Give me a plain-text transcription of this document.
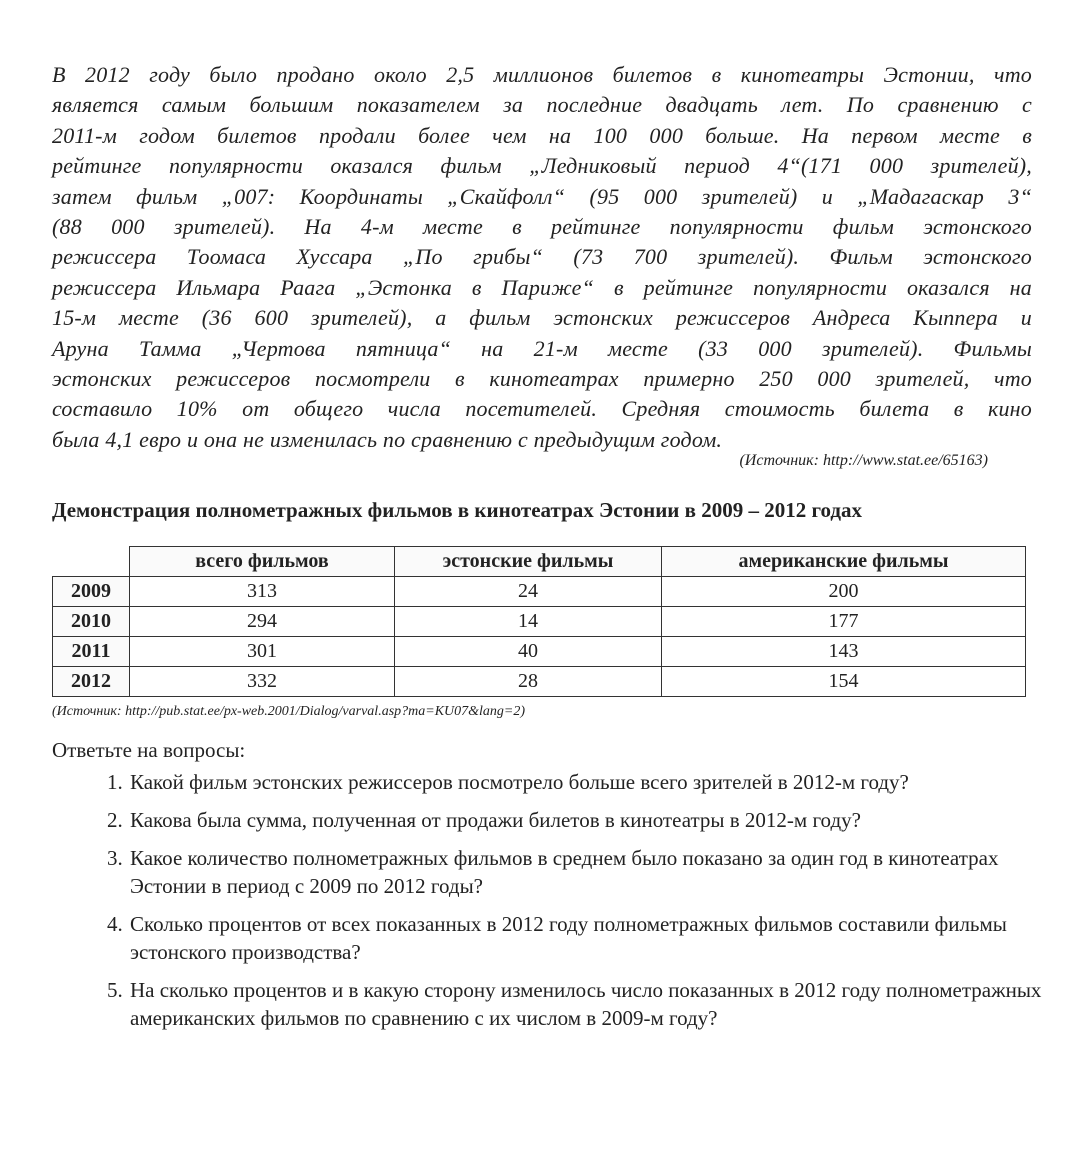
В 2012 году было продано около 2,5 миллионов билетов в кинотеатры Эстонии, что
является самым большим показателем за последние двадцать лет. По сравнению с
2011-м годом билетов продали более чем на 100 000 больше. На первом месте в
рейтинге популярности оказался фильм „Ледниковый период 4“(171 000 зрителей),
затем фильм „007: Координаты „Скайфолл“ (95 000 зрителей) и „Мадагаскар 3“
(88 000 зрителей). На 4-м месте в рейтинге популярности фильм эстонского
режиссера Тоомаса Хуссара „По грибы“ (73 700 зрителей). Фильм эстонского
режиссера Ильмара Раага „Эстонка в Париже“ в рейтинге популярности оказался на
15-м месте (36 600 зрителей), а фильм эстонских режиссеров Андреса Кыппера и
Аруна Тамма „Чертова пятница“ на 21-м месте (33 000 зрителей). Фильмы
эстонских режиссеров посмотрели в кинотеатрах примерно 250 000 зрителей, что
составило 10% от общего числа посетителей. Средняя стоимость билета в кино
была 4,1 евро и она не изменилась по сравнению с предыдущим годом.
(Источник: http://www.stat.ee/65163)
Демонстрация полнометражных фильмов в кинотеатрах Эстонии в 2009 – 2012 годах
	всего фильмов	эстонские фильмы	американские фильмы
2009	313	24	200
2010	294	14	177
2011	301	40	143
2012	332	28	154
(Источник: http://pub.stat.ee/px-web.2001/Dialog/varval.asp?ma=KU07&lang=2)
Ответьте на вопросы:
1. Какой фильм эстонских режиссеров посмотрело больше всего зрителей в 2012-м году?
2. Какова была сумма, полученная от продажи билетов в кинотеатры в 2012-м году?
3. Какое количество полнометражных фильмов в среднем было показано за один год в кинотеатрах Эстонии в период с 2009 по 2012 годы?
4. Сколько процентов от всех показанных в 2012 году полнометражных фильмов составили фильмы эстонского производства?
5. На сколько процентов и в какую сторону изменилось число показанных в 2012 году полнометражных американских фильмов по сравнению с их числом в 2009-м году?
